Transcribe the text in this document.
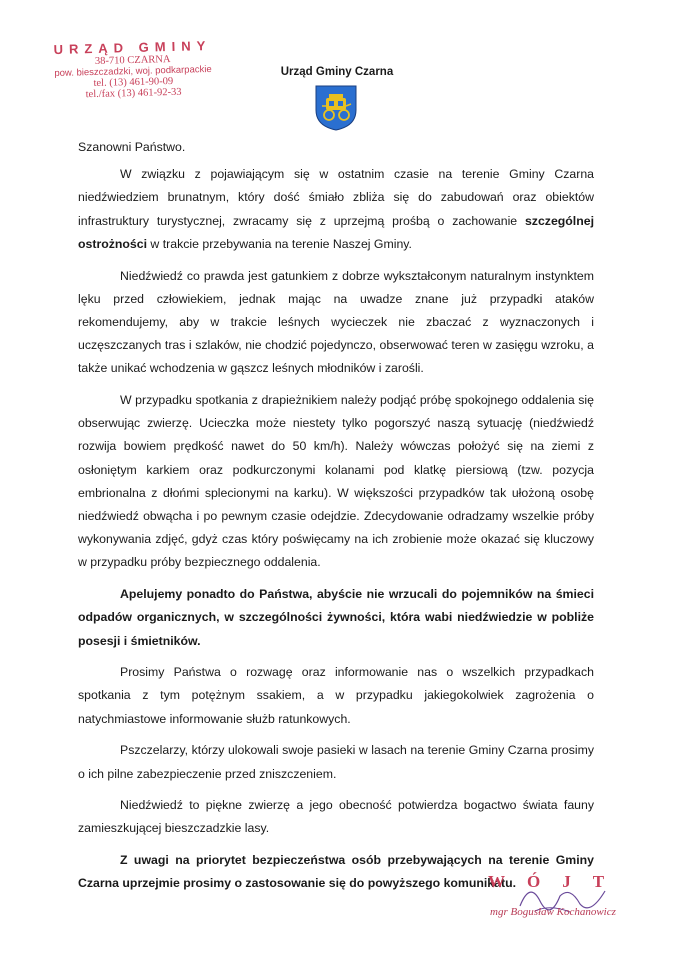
URZĄD GMINY
38-710 CZARNA
pow. bieszczadzki, woj. podkarpackie
tel. (13) 461-90-09
tel./fax (13) 461-92-33
Urząd Gminy Czarna

Szanowni Państwo.

W związku z pojawiającym się w ostatnim czasie na terenie Gminy Czarna niedźwiedziem brunatnym, który dość śmiało zbliża się do zabudowań oraz obiektów infrastruktury turystycznej, zwracamy się z uprzejmą prośbą o zachowanie szczególnej ostrożności w trakcie przebywania na terenie Naszej Gminy.

Niedźwiedź co prawda jest gatunkiem z dobrze wykształconym naturalnym instynktem lęku przed człowiekiem, jednak mając na uwadze znane już przypadki ataków rekomendujemy, aby w trakcie leśnych wycieczek nie zbaczać z wyznaczonych i uczęszczanych tras i szlaków, nie chodzić pojedynczo, obserwować teren w zasięgu wzroku, a także unikać wchodzenia w gąszcz leśnych młodników i zarośli.

W przypadku spotkania z drapieżnikiem należy podjąć próbę spokojnego oddalenia się obserwując zwierzę. Ucieczka może niestety tylko pogorszyć naszą sytuację (niedźwiedź rozwija bowiem prędkość nawet do 50 km/h). Należy wówczas położyć się na ziemi z osłoniętym karkiem oraz podkurczonymi kolanami pod klatkę piersiową (tzw. pozycja embrionalna z dłońmi splecionymi na karku). W większości przypadków tak ułożoną osobę niedźwiedź obwącha i po pewnym czasie odejdzie. Zdecydowanie odradzamy wszelkie próby wykonywania zdjęć, gdyż czas który poświęcamy na ich zrobienie może okazać się kluczowy w przypadku próby bezpiecznego oddalenia.

Apelujemy ponadto do Państwa, abyście nie wrzucali do pojemników na śmieci odpadów organicznych, w szczególności żywności, która wabi niedźwiedzie w pobliże posesji i śmietników.

Prosimy Państwa o rozwagę oraz informowanie nas o wszelkich przypadkach spotkania z tym potężnym ssakiem, a w przypadku jakiegokolwiek zagrożenia o natychmiastowe informowanie służb ratunkowych.

Pszczelarzy, którzy ulokowali swoje pasieki w lasach na terenie Gminy Czarna prosimy o ich pilne zabezpieczenie przed zniszczeniem.

Niedźwiedź to piękne zwierzę a jego obecność potwierdza bogactwo świata fauny zamieszkującej bieszczadzkie lasy.

Z uwagi na priorytet bezpieczeństwa osób przebywających na terenie Gminy Czarna uprzejmie prosimy o zastosowanie się do powyższego komunikatu.

WÓJT
mgr Bogusław Kochanowicz
